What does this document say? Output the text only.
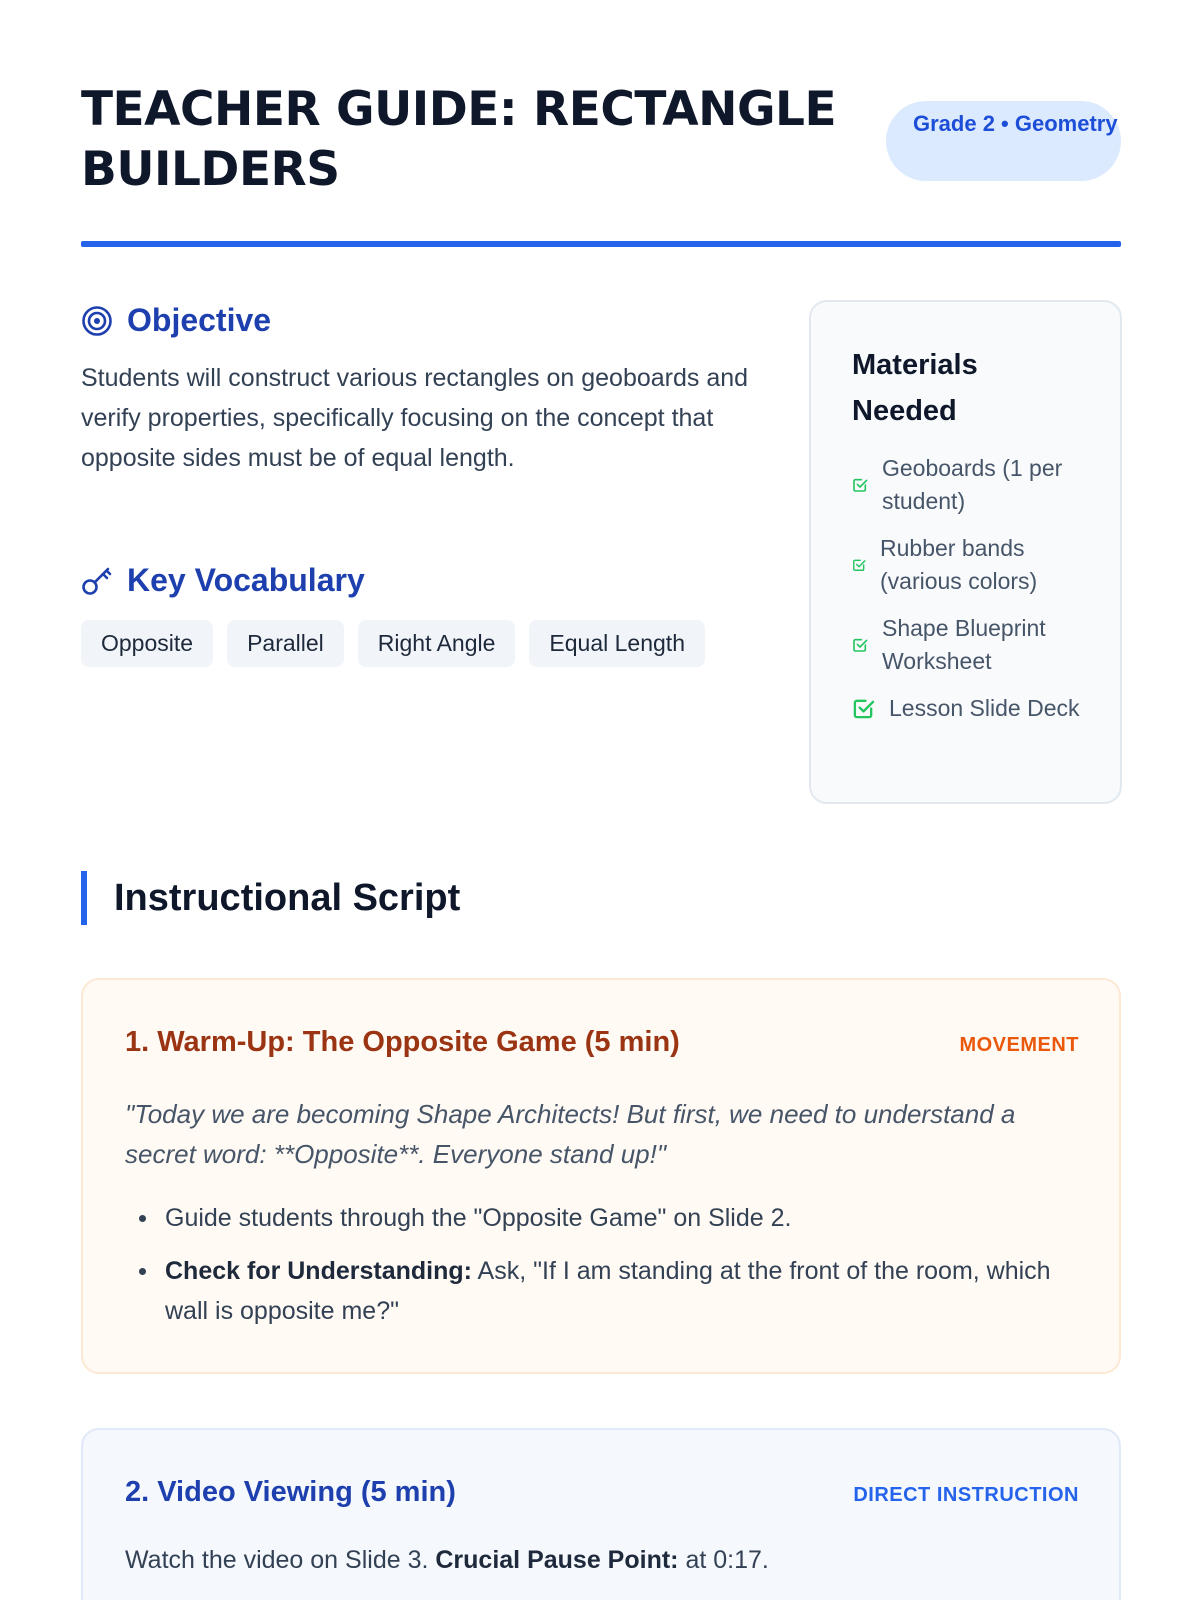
TEACHER GUIDE: RECTANGLE BUILDERS
Grade 2 • Geometry
Objective

Students will construct various rectangles on geoboards and verify properties, specifically focusing on the concept that opposite sides must be of equal length.

Key Vocabulary
Opposite	Parallel	Right Angle	Equal Length
Materials Needed
Geoboards (1 per student)
Rubber bands (various colors)
Shape Blueprint Worksheet
Lesson Slide Deck
Instructional Script
1. Warm-Up: The Opposite Game (5 min)	MOVEMENT

"Today we are becoming Shape Architects! But first, we need to understand a secret word: **Opposite**. Everyone stand up!"

Guide students through the "Opposite Game" on Slide 2.
Check for Understanding: Ask, "If I am standing at the front of the room, which wall is opposite me?"
2. Video Viewing (5 min)	DIRECT INSTRUCTION

Watch the video on Slide 3. Crucial Pause Point: at 0:17.
